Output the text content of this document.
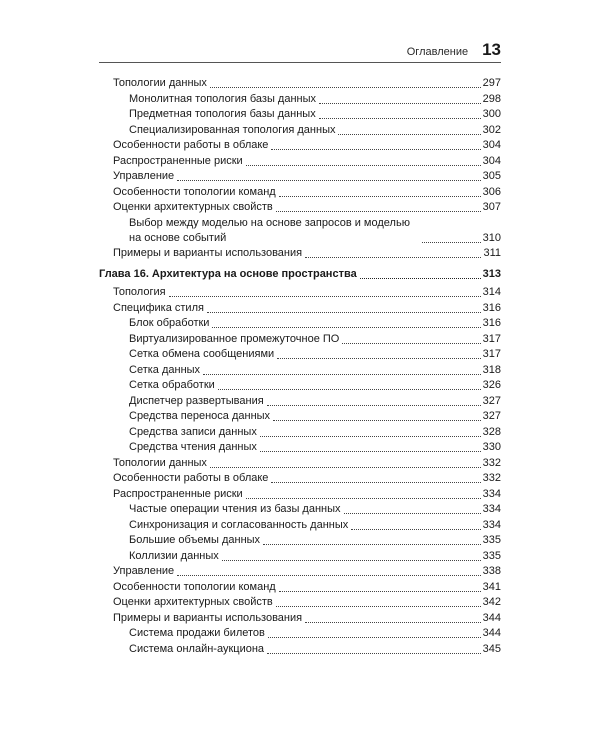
Оглавление 13
Топологии данных	297
Монолитная топология базы данных	298
Предметная топология базы данных	300
Специализированная топология данных	302
Особенности работы в облаке	304
Распространенные риски	304
Управление	305
Особенности топологии команд	306
Оценки архитектурных свойств	307
Выбор между моделью на основе запросов и моделью на основе событий	310
Примеры и варианты использования	311
Глава 16. Архитектура на основе пространства	313
Топология	314
Специфика стиля	316
Блок обработки	316
Виртуализированное промежуточное ПО	317
Сетка обмена сообщениями	317
Сетка данных	318
Сетка обработки	326
Диспетчер развертывания	327
Средства переноса данных	327
Средства записи данных	328
Средства чтения данных	330
Топологии данных	332
Особенности работы в облаке	332
Распространенные риски	334
Частые операции чтения из базы данных	334
Синхронизация и согласованность данных	334
Большие объемы данных	335
Коллизии данных	335
Управление	338
Особенности топологии команд	341
Оценки архитектурных свойств	342
Примеры и варианты использования	344
Система продажи билетов	344
Система онлайн-аукциона	345
